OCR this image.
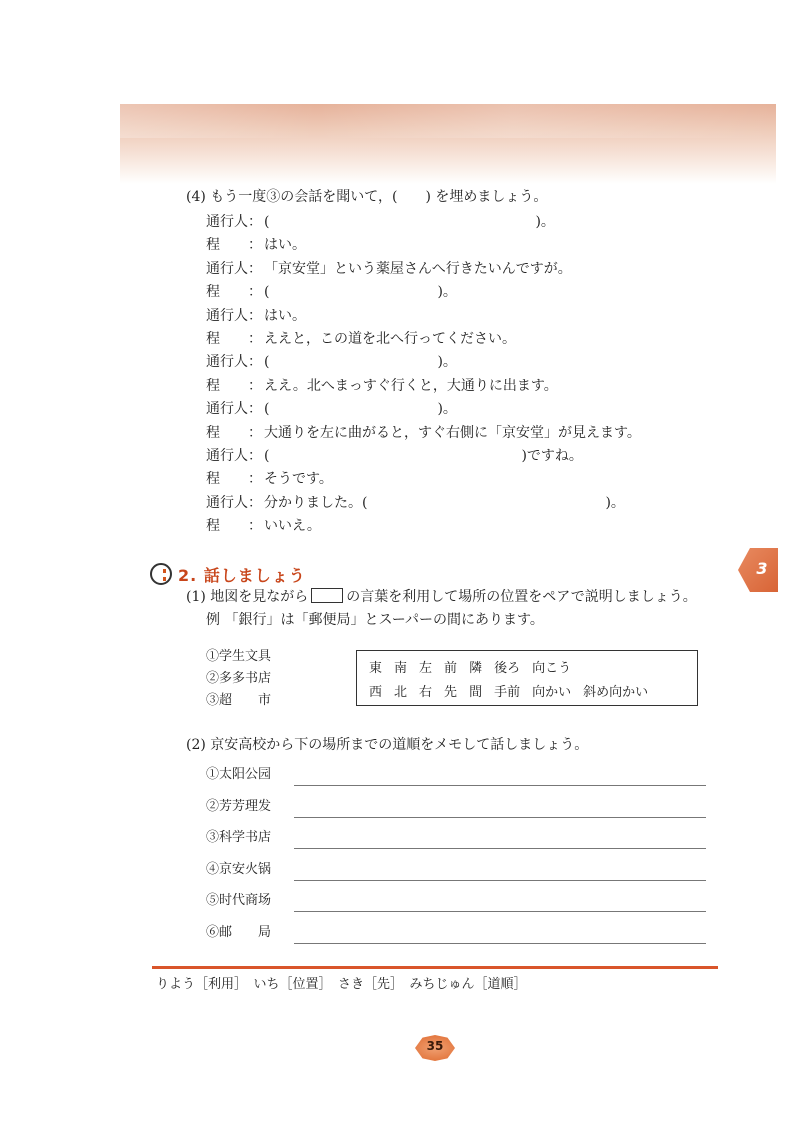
(4) もう一度③の会話を聞いて，(　　) を埋めましょう。
通行人： (　　　　　　　　　　　　　　　　　　　)。
程　　： はい。
通行人： 「京安堂」という薬屋さんへ行きたいんですが。
程　　： (　　　　　　　　　　　　)。
通行人： はい。
程　　： ええと，この道を北へ行ってください。
通行人： (　　　　　　　　　　　　)。
程　　： ええ。北へまっすぐ行くと，大通りに出ます。
通行人： (　　　　　　　　　　　　)。
程　　： 大通りを左に曲がると，すぐ右側に「京安堂」が見えます。
通行人： (　　　　　　　　　　　　　　　　　　)ですね。
程　　： そうです。
通行人： 分かりました。(　　　　　　　　　　　　　　　　　)。
程　　： いいえ。
3
2. 話しましょう
(1) 地図を見ながら	の言葉を利用して場所の位置をペアで説明しましょう。
例 「銀行」は「郵便局」とスーパーの間にあります。
①学生文具
②多多书店
③超　　市
東 南 左 前 隣 後ろ 向こう
西 北 右 先 間 手前 向かい 斜め向かい
(2) 京安高校から下の場所までの道順をメモして話しましょう。
①太阳公园
②芳芳理发
③科学书店
④京安火锅
⑤时代商场
⑥邮　　局
りよう［利用］　いち［位置］　さき［先］　みちじゅん［道順］
35
